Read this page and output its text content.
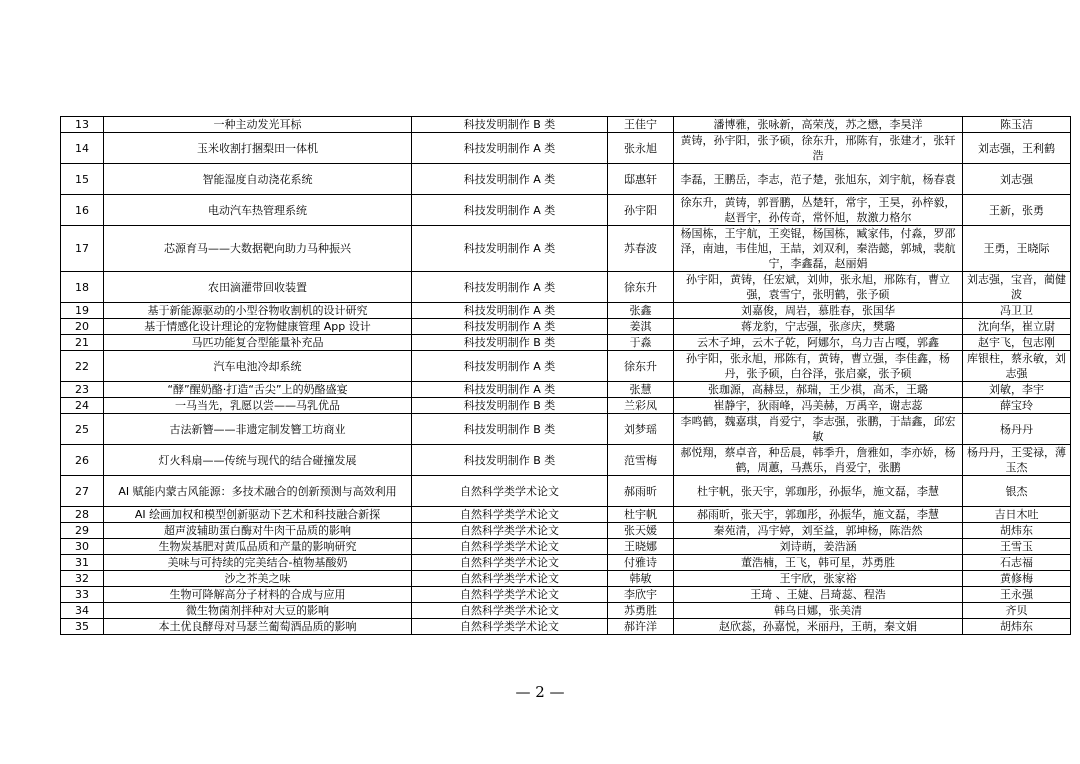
13	一种主动发光耳标	科技发明制作 B 类	王佳宁	潘博雅，张咏新，高荣茂，苏之懋，李昊洋	陈玉洁
14	玉米收割打捆梨田一体机	科技发明制作 A 类	张永旭	黄铸，孙宇阳，张予硕，徐东升，邢陈有，张建才，张轩浩	刘志强，王利鹤
15	智能湿度自动浇花系统	科技发明制作 A 类	邸惠轩	李磊，王鹏岳，李志，范子楚，张旭东，刘宇航，杨春袁	刘志强
16	电动汽车热管理系统	科技发明制作 A 类	孙宇阳	徐东升，黄铸，郭晋鹏，丛楚轩，常宇，王昊，孙梓毅，赵晋宇，孙传奇，常怀旭，敖激力格尔	王新，张勇
17	芯源育马——大数据靶向助力马种振兴	科技发明制作 A 类	苏春波	杨国栋，王宇航，王奕锟，杨国栋，臧家伟，付淼，罗邵泽，南迪，韦佳旭，王喆，刘双利，秦浩懿，郭城，裴航宁，李鑫磊，赵丽娟	王勇，王晓际
18	农田滴灌带回收装置	科技发明制作 A 类	徐东升	孙宇阳，黄铸，任宏斌，刘帅，张永旭，邢陈有，曹立强，袁雪宁，张明鹤，张予硕	刘志强，宝音，蔺健波
19	基于新能源驱动的小型谷物收割机的设计研究	科技发明制作 A 类	张鑫	刘嘉俊，周岩，慕胜春，张国华	冯卫卫
20	基于情感化设计理论的宠物健康管理 App 设计	科技发明制作 A 类	姜淇	蒋龙豹，宁志强，张彦庆，樊璐	沈向华，崔立尉
21	马匹功能复合型能量补充品	科技发明制作 B 类	于淼	云木子坤，云木子乾，阿娜尔，乌力吉占嘎，郭鑫	赵宇飞，包志刚
22	汽车电池冷却系统	科技发明制作 A 类	徐东升	孙宇阳，张永旭，邢陈有，黄铸，曹立强，李佳鑫，杨丹，张予硕，白谷泽，张启豪，张予硕	库银柱，蔡永敏，刘志强
23	“酵”醒奶酪·打造“舌尖”上的奶酪盛宴	科技发明制作 A 类	张慧	张珈源，高赫昱，郝瑞，王少祺，高禾，王璐	刘敏，李宇
24	一马当先，乳愿以尝——马乳优品	科技发明制作 B 类	兰彩凤	崔静宇，狄雨峰，冯美赫，万禹辛，谢志蕊	薛宝玲
25	古法新簪——非遗定制发簪工坊商业	科技发明制作 B 类	刘梦瑶	李鸣鹤，魏嘉琪，肖爱宁，李志强，张鹏，于喆鑫，邱宏敏	杨丹丹
26	灯火科扇——传统与现代的结合碰撞发展	科技发明制作 B 类	范雪梅	郝悦翔，蔡卓音，种岳晨，韩季升，詹雅如，李亦娇，杨鹤，周蕙，马燕乐，肖爱宁，张鹏	杨丹丹，王雯禄，薄玉杰
27	AI 赋能内蒙古风能源：多技术融合的创新预测与高效利用	自然科学类学术论文	郝雨昕	杜宇帆，张天宇，郭珈彤，孙振华，施文磊，李慧	银杰
28	AI 绘画加权和模型创新驱动下艺术和科技融合新探	自然科学类学术论文	杜宇帆	郝雨昕，张天宇，郭珈彤，孙振华，施文磊，李慧	吉日木吐
29	超声波辅助蛋白酶对牛肉干品质的影响	自然科学类学术论文	张天媛	秦苑清，冯宇婷，刘至益，郭坤杨，陈浩然	胡炜东
30	生物炭基肥对黄瓜品质和产量的影响研究	自然科学类学术论文	王晓娜	刘诗萌，姜浩涵	王雪玉
31	美味与可持续的完美结合-植物基酸奶	自然科学类学术论文	付雅诗	董浩楠，王飞，韩可星，苏勇胜	石志福
32	沙之芥美之味	自然科学类学术论文	韩敏	王宇欣，张家裕	黄修梅
33	生物可降解高分子材料的合成与应用	自然科学类学术论文	李欣宇	王琦 、王婕、吕琦蕊、程浩	王永强
34	微生物菌剂拌种对大豆的影响	自然科学类学术论文	苏勇胜	韩乌日娜，张美清	齐贝
35	本土优良酵母对马瑟兰葡萄酒品质的影响	自然科学类学术论文	郝许洋	赵欣蕊，孙嘉悦，米丽丹，王萌，秦文娟	胡炜东
— 2 —
